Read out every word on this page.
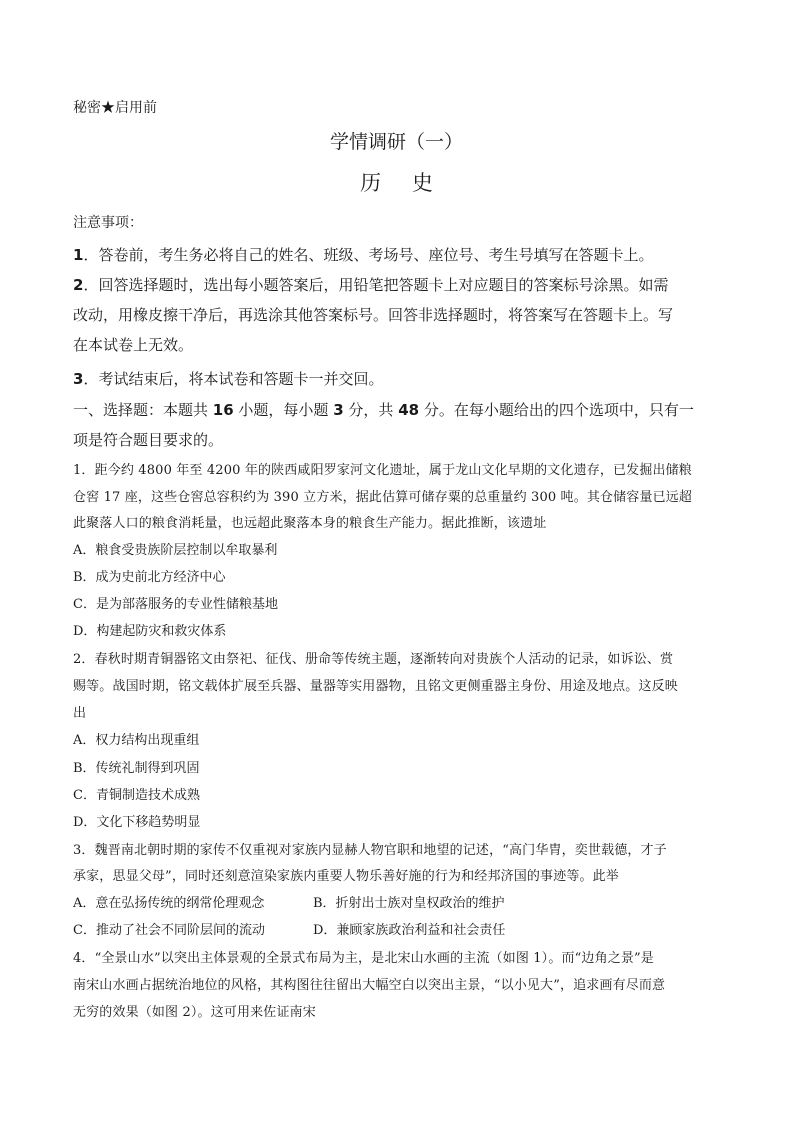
秘密★启用前
学情调研（一）
历 史
注意事项：
1．答卷前，考生务必将自己的姓名、班级、考场号、座位号、考生号填写在答题卡上。
2．回答选择题时，选出每小题答案后，用铅笔把答题卡上对应题目的答案标号涂黑。如需
改动，用橡皮擦干净后，再选涂其他答案标号。回答非选择题时，将答案写在答题卡上。写
在本试卷上无效。
3．考试结束后，将本试卷和答题卡一并交回。
一、选择题：本题共 16 小题，每小题 3 分，共 48 分。在每小题给出的四个选项中，只有一
项是符合题目要求的。
1．距今约 4800 年至 4200 年的陕西咸阳罗家河文化遗址，属于龙山文化早期的文化遗存，已发掘出储粮
仓窖 17 座，这些仓窖总容积约为 390 立方米，据此估算可储存粟的总重量约 300 吨。其仓储容量已远超
此聚落人口的粮食消耗量，也远超此聚落本身的粮食生产能力。据此推断，该遗址
A．粮食受贵族阶层控制以牟取暴利
B．成为史前北方经济中心
C．是为部落服务的专业性储粮基地
D．构建起防灾和救灾体系
2．春秋时期青铜器铭文由祭祀、征伐、册命等传统主题，逐渐转向对贵族个人活动的记录，如诉讼、赏
赐等。战国时期，铭文载体扩展至兵器、量器等实用器物，且铭文更侧重器主身份、用途及地点。这反映
出
A．权力结构出现重组
B．传统礼制得到巩固
C．青铜制造技术成熟
D．文化下移趋势明显
3．魏晋南北朝时期的家传不仅重视对家族内显赫人物官职和地望的记述，“高门华胄，奕世载德，才子
承家，思显父母”，同时还刻意渲染家族内重要人物乐善好施的行为和经邦济国的事迹等。此举
A．意在弘扬传统的纲常伦理观念	B．折射出士族对皇权政治的维护
C．推动了社会不同阶层间的流动	D．兼顾家族政治利益和社会责任
4．“全景山水”以突出主体景观的全景式布局为主，是北宋山水画的主流（如图 1）。而“边角之景”是
南宋山水画占据统治地位的风格，其构图往往留出大幅空白以突出主景，“以小见大”，追求画有尽而意
无穷的效果（如图 2）。这可用来佐证南宋
